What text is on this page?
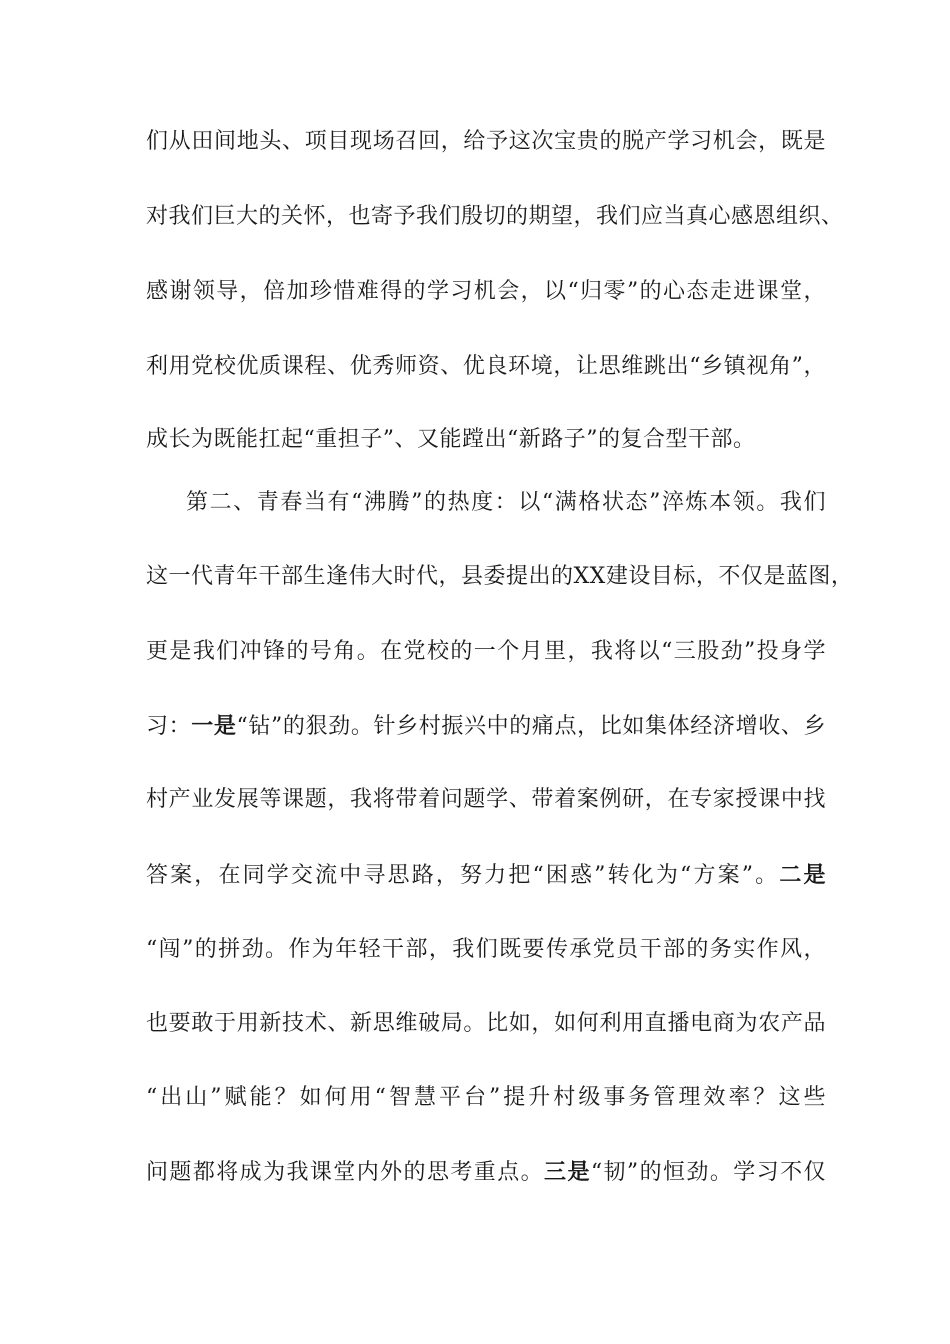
们从田间地头、项目现场召回，给予这次宝贵的脱产学习机会，既是
对我们巨大的关怀，也寄予我们殷切的期望，我们应当真心感恩组织、
感谢领导，倍加珍惜难得的学习机会，以“归零”的心态走进课堂，
利用党校优质课程、优秀师资、优良环境，让思维跳出“乡镇视角”，
成长为既能扛起“重担子”、又能蹚出“新路子”的复合型干部。
第二、青春当有“沸腾”的热度：以“满格状态”淬炼本领。我们
这一代青年干部生逢伟大时代，县委提出的XX建设目标，不仅是蓝图，
更是我们冲锋的号角。在党校的一个月里，我将以“三股劲”投身学
习：一是“钻”的狠劲。针乡村振兴中的痛点，比如集体经济增收、乡
村产业发展等课题，我将带着问题学、带着案例研，在专家授课中找
答案，在同学交流中寻思路，努力把“困惑”转化为“方案”。二是
“闯”的拼劲。作为年轻干部，我们既要传承党员干部的务实作风，
也要敢于用新技术、新思维破局。比如，如何利用直播电商为农产品
“出山”赋能？如何用“智慧平台”提升村级事务管理效率？这些
问题都将成为我课堂内外的思考重点。三是“韧”的恒劲。学习不仅
